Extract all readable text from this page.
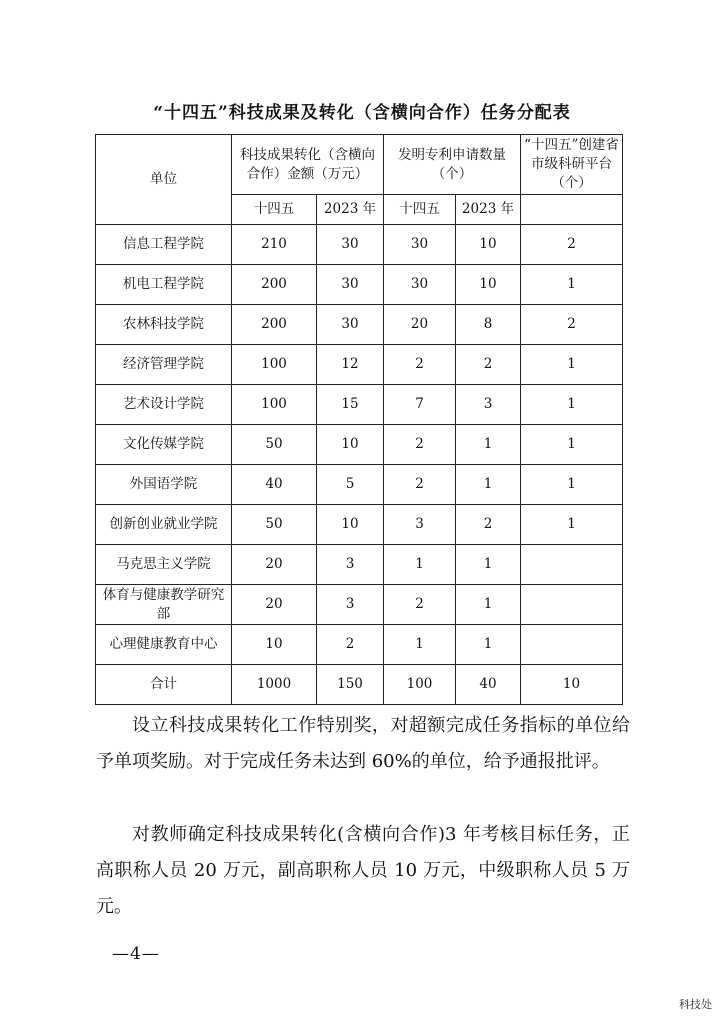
“十四五”科技成果及转化（含横向合作）任务分配表
单位	科技成果转化（含横向合作）金额（万元）		发明专利申请数量（个）		“十四五”创建省市级科研平台（个）
	十四五	2023 年	十四五	2023 年	
信息工程学院	210	30	30	10	2
机电工程学院	200	30	30	10	1
农林科技学院	200	30	20	8	2
经济管理学院	100	12	2	2	1
艺术设计学院	100	15	7	3	1
文化传媒学院	50	10	2	1	1
外国语学院	40	5	2	1	1
创新创业就业学院	50	10	3	2	1
马克思主义学院	20	3	1	1	
体育与健康教学研究部	20	3	2	1	
心理健康教育中心	10	2	1	1	
合计	1000	150	100	40	10
设立科技成果转化工作特别奖，对超额完成任务指标的单位给予单项奖励。对于完成任务未达到 60%的单位，给予通报批评。
对教师确定科技成果转化(含横向合作)3 年考核目标任务，正高职称人员 20 万元，副高职称人员 10 万元，中级职称人员 5 万元。
—4—
科技处
